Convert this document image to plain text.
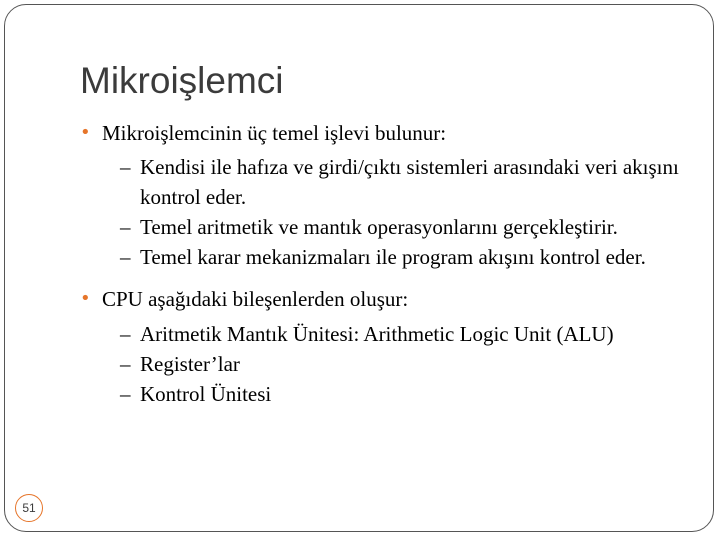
Mikroişlemci
• Mikroişlemcinin üç temel işlevi bulunur:
– Kendisi ile hafıza ve girdi/çıktı sistemleri arasındaki veri akışını kontrol eder.
– Temel aritmetik ve mantık operasyonlarını gerçekleştirir.
– Temel karar mekanizmaları ile program akışını kontrol eder.
• CPU aşağıdaki bileşenlerden oluşur:
– Aritmetik Mantık Ünitesi: Arithmetic Logic Unit (ALU)
– Register’lar
– Kontrol Ünitesi
51
